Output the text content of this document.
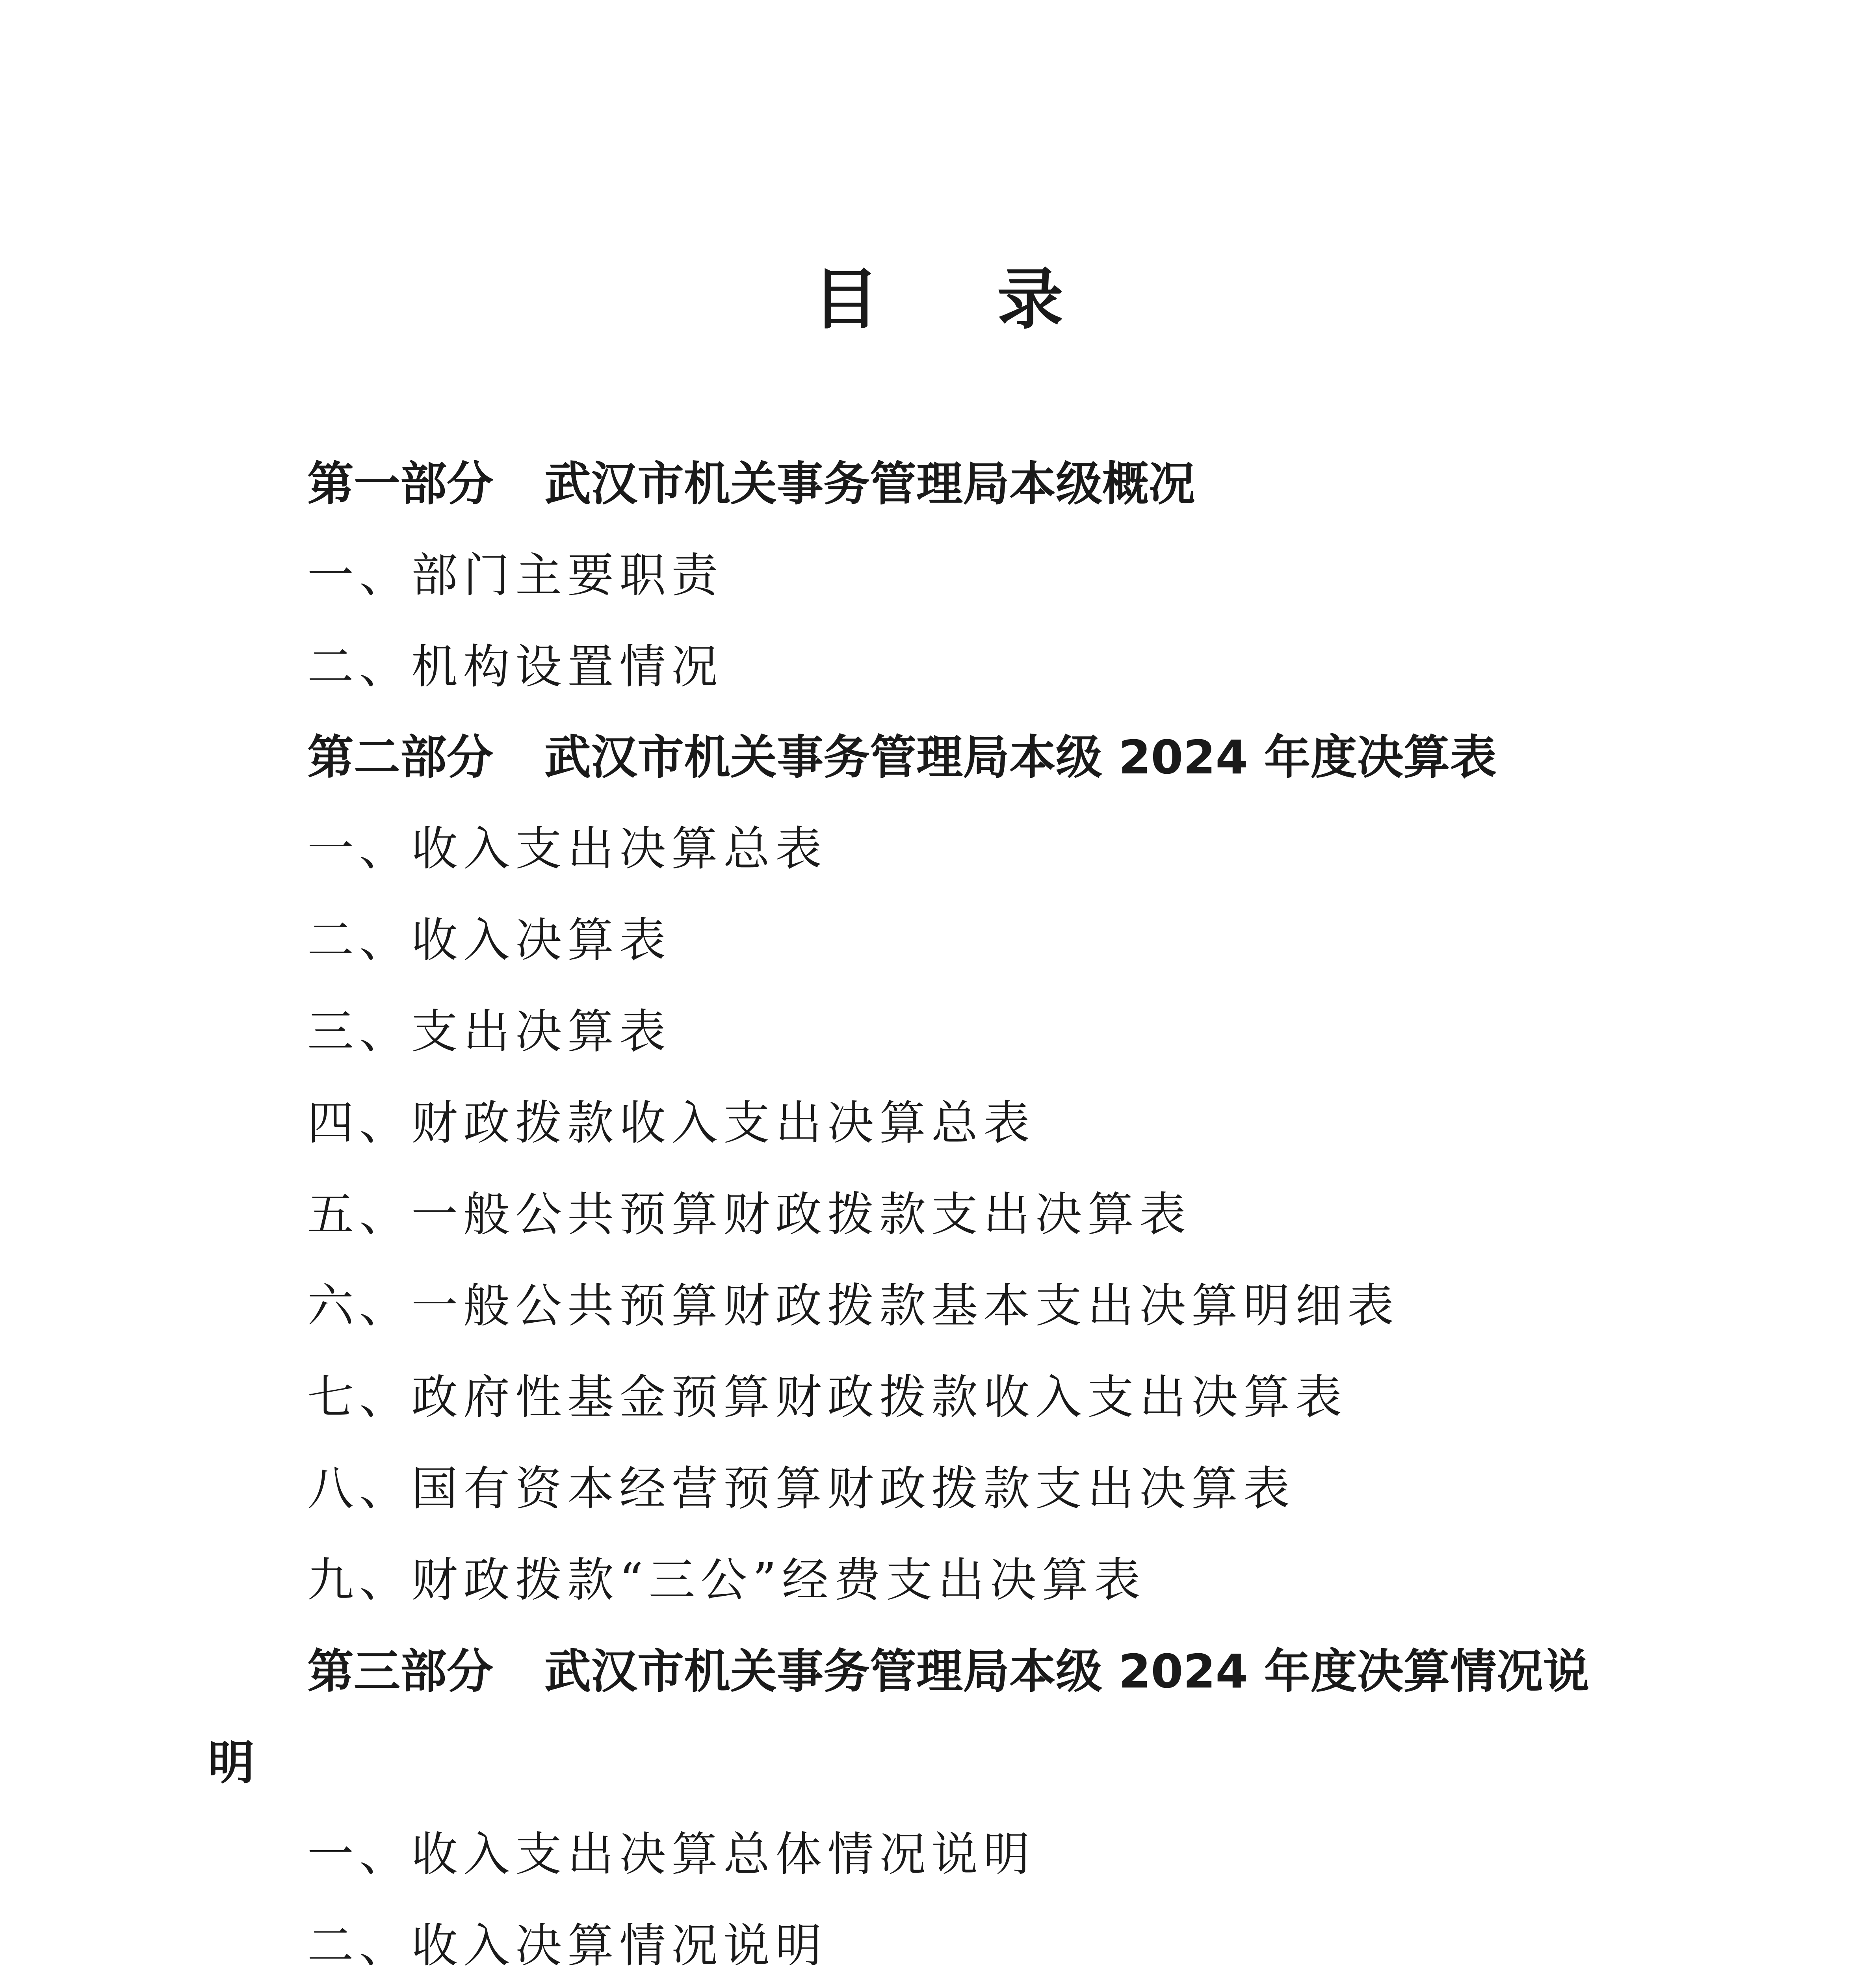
目 录
第一部分 武汉市机关事务管理局本级概况
一、部门主要职责
二、机构设置情况
第二部分 武汉市机关事务管理局本级 2024 年度决算表
一、收入支出决算总表
二、收入决算表
三、支出决算表
四、财政拨款收入支出决算总表
五、一般公共预算财政拨款支出决算表
六、一般公共预算财政拨款基本支出决算明细表
七、政府性基金预算财政拨款收入支出决算表
八、国有资本经营预算财政拨款支出决算表
九、财政拨款“三公”经费支出决算表
第三部分 武汉市机关事务管理局本级 2024 年度决算情况说
明
一、收入支出决算总体情况说明
二、收入决算情况说明
